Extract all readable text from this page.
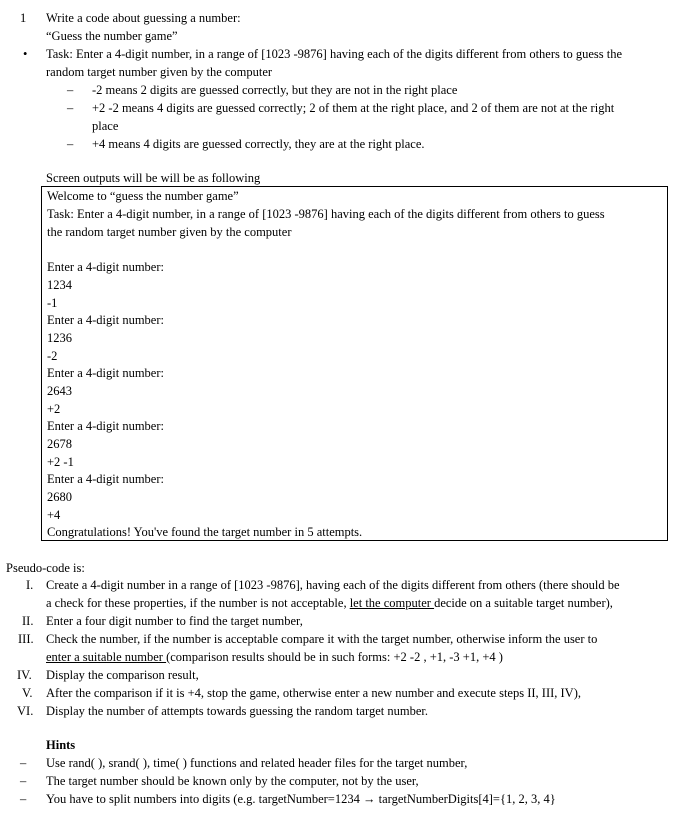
1 Write a code about guessing a number:
“Guess the number game”
• Task: Enter a 4-digit number, in a range of [1023 -9876] having each of the digits different from others to guess the
random target number given by the computer
– -2 means 2 digits are guessed correctly, but they are not in the right place
– +2 -2 means 4 digits are guessed correctly; 2 of them at the right place, and 2 of them are not at the right
place
– +4 means 4 digits are guessed correctly, they are at the right place.
Screen outputs will be will be as following
Welcome to “guess the number game”
Task: Enter a 4-digit number, in a range of [1023 -9876] having each of the digits different from others to guess
the random target number given by the computer
Enter a 4-digit number:
1234
-1
Enter a 4-digit number:
1236
-2
Enter a 4-digit number:
2643
+2
Enter a 4-digit number:
2678
+2 -1
Enter a 4-digit number:
2680
+4
Congratulations! You've found the target number in 5 attempts.
Pseudo-code is:
I. Create a 4-digit number in a range of [1023 -9876], having each of the digits different from others (there should be
a check for these properties, if the number is not acceptable, let the computer decide on a suitable target number),
II. Enter a four digit number to find the target number,
III. Check the number, if the number is acceptable compare it with the target number, otherwise inform the user to
enter a suitable number (comparison results should be in such forms: +2 -2 , +1, -3 +1, +4 )
IV. Display the comparison result,
V. After the comparison if it is +4, stop the game, otherwise enter a new number and execute steps II, III, IV),
VI. Display the number of attempts towards guessing the random target number.
Hints
– Use rand( ), srand( ), time( ) functions and related header files for the target number,
– The target number should be known only by the computer, not by the user,
– You have to split numbers into digits (e.g. targetNumber=1234 → targetNumberDigits[4]={1, 2, 3, 4}
